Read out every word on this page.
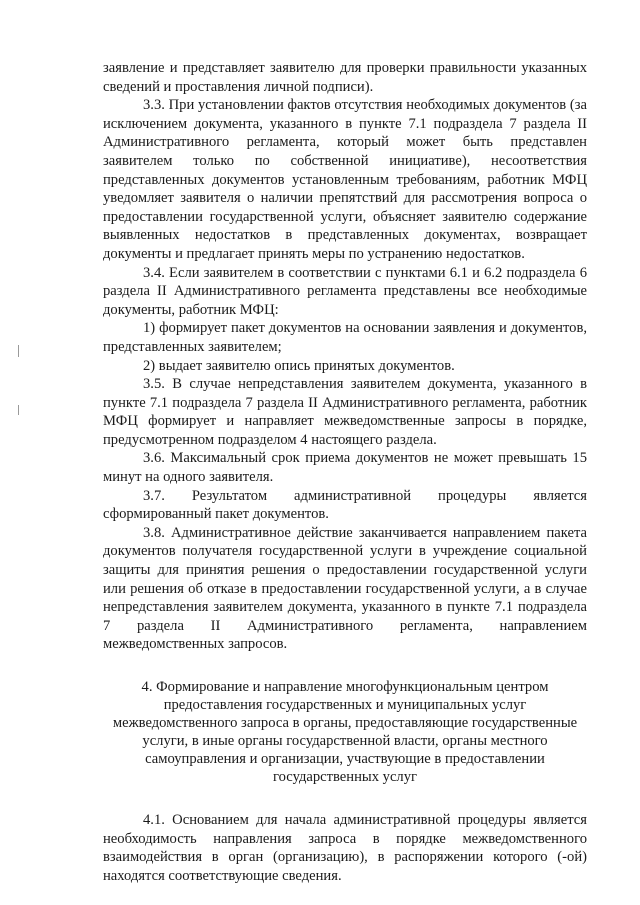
заявление и представляет заявителю для проверки правильности указанных сведений и проставления личной подписи).

3.3. При установлении фактов отсутствия необходимых документов (за исключением документа, указанного в пункте 7.1 подраздела 7 раздела II Административного регламента, который может быть представлен заявителем только по собственной инициативе), несоответствия представленных документов установленным требованиям, работник МФЦ уведомляет заявителя о наличии препятствий для рассмотрения вопроса о предоставлении государственной услуги, объясняет заявителю содержание выявленных недостатков в представленных документах, возвращает документы и предлагает принять меры по устранению недостатков.

3.4. Если заявителем в соответствии с пунктами 6.1 и 6.2 подраздела 6 раздела II Административного регламента представлены все необходимые документы, работник МФЦ:

1) формирует пакет документов на основании заявления и документов, представленных заявителем;

2) выдает заявителю опись принятых документов.

3.5. В случае непредставления заявителем документа, указанного в пункте 7.1 подраздела 7 раздела II Административного регламента, работник МФЦ формирует и направляет межведомственные запросы в порядке, предусмотренном подразделом 4 настоящего раздела.

3.6. Максимальный срок приема документов не может превышать 15 минут на одного заявителя.

3.7. Результатом административной процедуры является сформированный пакет документов.

3.8. Административное действие заканчивается направлением пакета документов получателя государственной услуги в учреждение социальной защиты для принятия решения о предоставлении государственной услуги или решения об отказе в предоставлении государственной услуги, а в случае непредставления заявителем документа, указанного в пункте 7.1 подраздела 7 раздела II Административного регламента, направлением межведомственных запросов.

4. Формирование и направление многофункциональным центром

предоставления государственных и муниципальных услуг

межведомственного запроса в органы, предоставляющие государственные

услуги, в иные органы государственной власти, органы местного

самоуправления и организации, участвующие в предоставлении

государственных услуг

4.1. Основанием для начала административной процедуры является необходимость направления запроса в порядке межведомственного взаимодействия в орган (организацию), в распоряжении которого (-ой) находятся соответствующие сведения.
